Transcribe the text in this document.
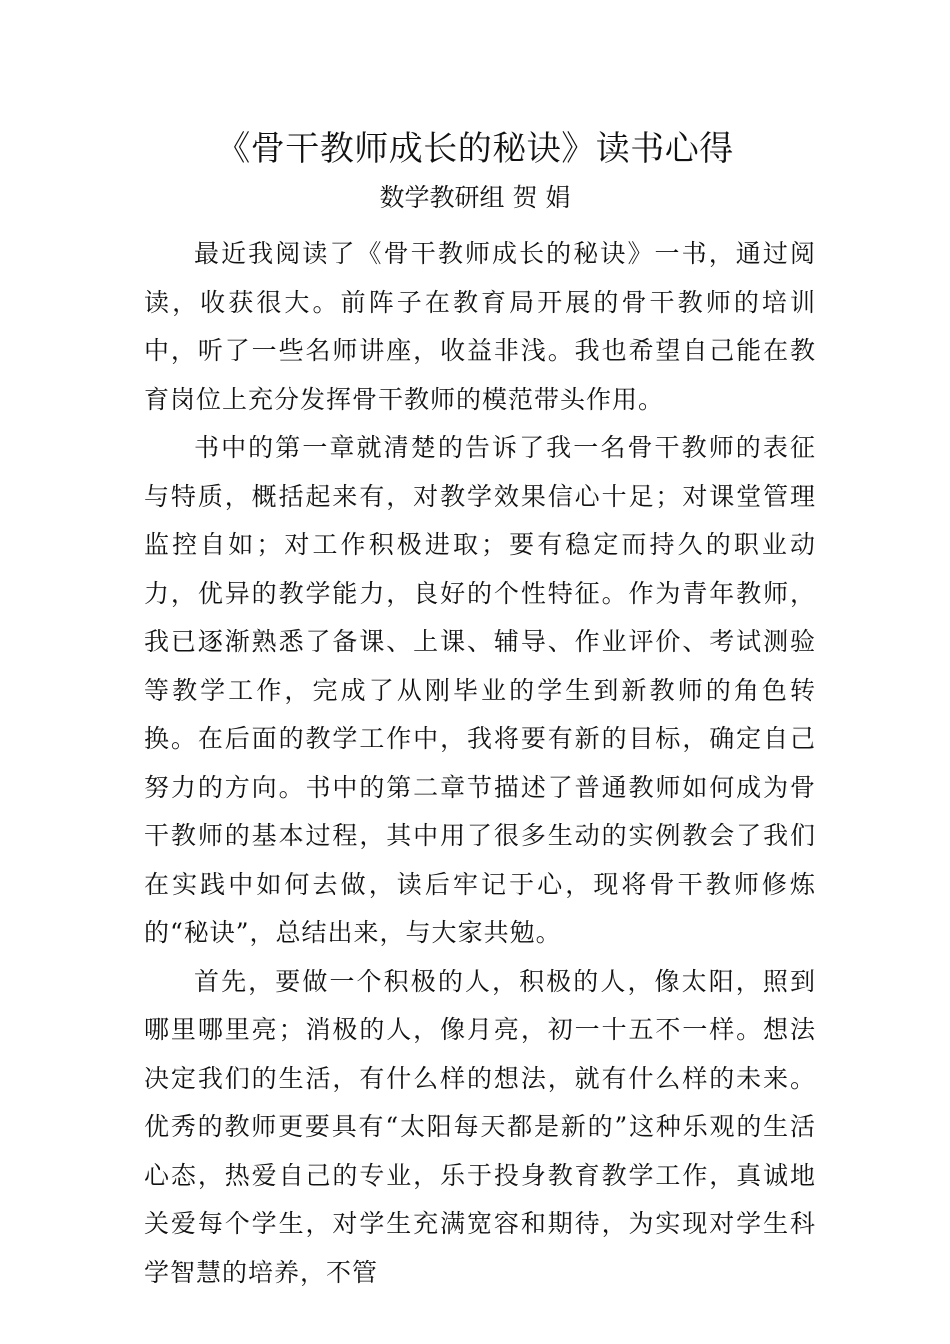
《骨干教师成长的秘诀》读书心得
数学教研组 贺 娟

最近我阅读了《骨干教师成长的秘诀》一书，通过阅读，收获很大。前阵子在教育局开展的骨干教师的培训中，听了一些名师讲座，收益非浅。我也希望自己能在教育岗位上充分发挥骨干教师的模范带头作用。

书中的第一章就清楚的告诉了我一名骨干教师的表征与特质，概括起来有，对教学效果信心十足；对课堂管理监控自如；对工作积极进取；要有稳定而持久的职业动力，优异的教学能力，良好的个性特征。作为青年教师，我已逐渐熟悉了备课、上课、辅导、作业评价、考试测验等教学工作，完成了从刚毕业的学生到新教师的角色转换。在后面的教学工作中，我将要有新的目标，确定自己努力的方向。书中的第二章节描述了普通教师如何成为骨干教师的基本过程，其中用了很多生动的实例教会了我们在实践中如何去做，读后牢记于心，现将骨干教师修炼的“秘诀”，总结出来，与大家共勉。

首先，要做一个积极的人，积极的人，像太阳，照到哪里哪里亮；消极的人，像月亮，初一十五不一样。想法决定我们的生活，有什么样的想法，就有什么样的未来。优秀的教师更要具有“太阳每天都是新的”这种乐观的生活心态，热爱自己的专业，乐于投身教育教学工作，真诚地关爱每个学生，对学生充满宽容和期待，为实现对学生科学智慧的培养，不管
